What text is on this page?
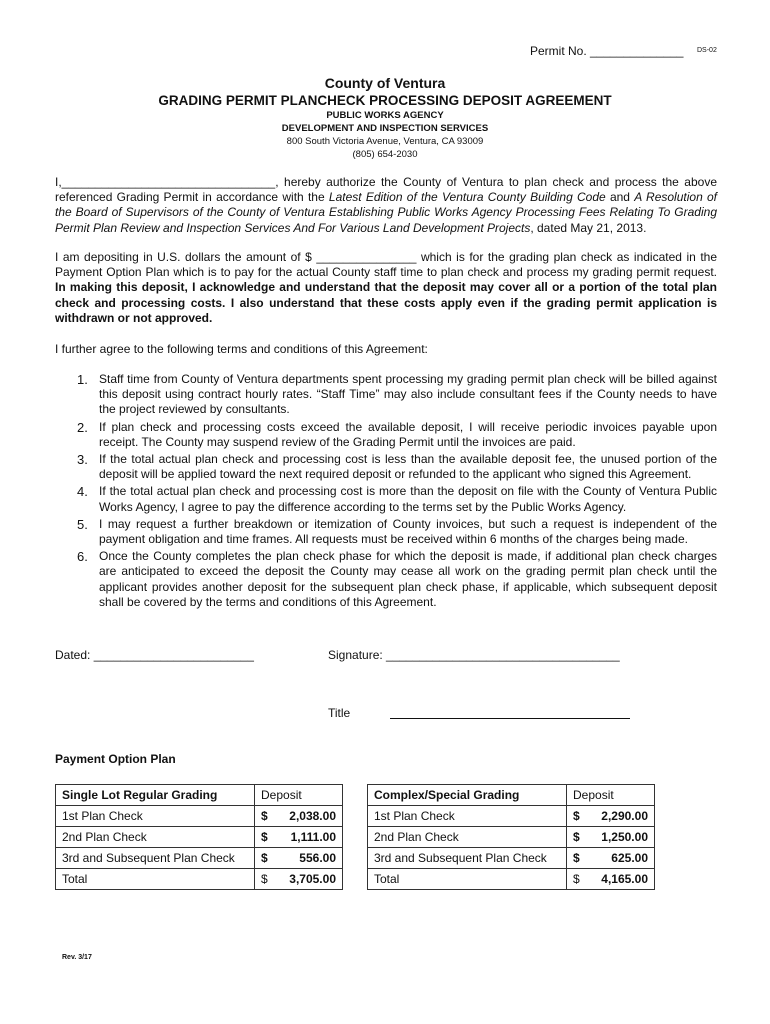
Permit No. ______________ DS-02
County of Ventura
GRADING PERMIT PLANCHECK PROCESSING DEPOSIT AGREEMENT
PUBLIC WORKS AGENCY
DEVELOPMENT AND INSPECTION SERVICES
800 South Victoria Avenue, Ventura, CA 93009
(805) 654-2030
I,________________________________, hereby authorize the County of Ventura to plan check and process the above referenced Grading Permit in accordance with the Latest Edition of the Ventura County Building Code and A Resolution of the Board of Supervisors of the County of Ventura Establishing Public Works Agency Processing Fees Relating To Grading Permit Plan Review and Inspection Services And For Various Land Development Projects, dated May 21, 2013.
I am depositing in U.S. dollars the amount of $ _______________ which is for the grading plan check as indicated in the Payment Option Plan which is to pay for the actual County staff time to plan check and process my grading permit request. In making this deposit, I acknowledge and understand that the deposit may cover all or a portion of the total plan check and processing costs. I also understand that these costs apply even if the grading permit application is withdrawn or not approved.
I further agree to the following terms and conditions of this Agreement:
1. Staff time from County of Ventura departments spent processing my grading permit plan check will be billed against this deposit using contract hourly rates. “Staff Time” may also include consultant fees if the County needs to have the project reviewed by consultants.
2. If plan check and processing costs exceed the available deposit, I will receive periodic invoices payable upon receipt. The County may suspend review of the Grading Permit until the invoices are paid.
3. If the total actual plan check and processing cost is less than the available deposit fee, the unused portion of the deposit will be applied toward the next required deposit or refunded to the applicant who signed this Agreement.
4. If the total actual plan check and processing cost is more than the deposit on file with the County of Ventura Public Works Agency, I agree to pay the difference according to the terms set by the Public Works Agency.
5. I may request a further breakdown or itemization of County invoices, but such a request is independent of the payment obligation and time frames. All requests must be received within 6 months of the charges being made.
6. Once the County completes the plan check phase for which the deposit is made, if additional plan check charges are anticipated to exceed the deposit the County may cease all work on the grading permit plan check until the applicant provides another deposit for the subsequent plan check phase, if applicable, which subsequent deposit shall be covered by the terms and conditions of this Agreement.
Dated: ________________________	Signature: ___________________________________
Title
Payment Option Plan
Single Lot Regular Grading	Deposit
1st Plan Check	$ 2,038.00

2nd Plan Check	$ 1,111.00

3rd and Subsequent Plan Check	$ 556.00

Total	$ 3,705.00
Complex/Special Grading	Deposit
1st Plan Check	$ 2,290.00

2nd Plan Check	$ 1,250.00

3rd and Subsequent Plan Check	$ 625.00

Total	$ 4,165.00
Rev. 3/17
